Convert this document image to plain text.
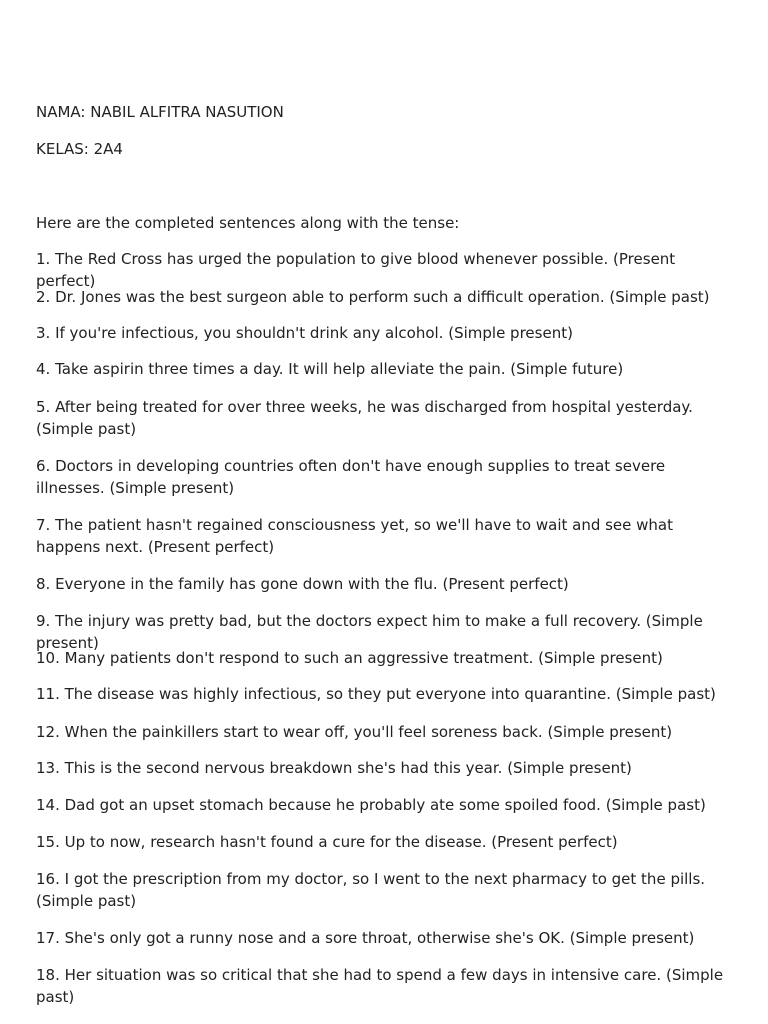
NAMA: NABIL ALFITRA NASUTION

KELAS: 2A4

Here are the completed sentences along with the tense:

1. The Red Cross has urged the population to give blood whenever possible. (Present perfect)

2. Dr. Jones was the best surgeon able to perform such a difficult operation. (Simple past)

3. If you're infectious, you shouldn't drink any alcohol. (Simple present)

4. Take aspirin three times a day. It will help alleviate the pain. (Simple future)

5. After being treated for over three weeks, he was discharged from hospital yesterday. (Simple past)

6. Doctors in developing countries often don't have enough supplies to treat severe illnesses. (Simple present)

7. The patient hasn't regained consciousness yet, so we'll have to wait and see what happens next. (Present perfect)

8. Everyone in the family has gone down with the flu. (Present perfect)

9. The injury was pretty bad, but the doctors expect him to make a full recovery. (Simple present)

10. Many patients don't respond to such an aggressive treatment. (Simple present)

11. The disease was highly infectious, so they put everyone into quarantine. (Simple past)

12. When the painkillers start to wear off, you'll feel soreness back. (Simple present)

13. This is the second nervous breakdown she's had this year. (Simple present)

14. Dad got an upset stomach because he probably ate some spoiled food. (Simple past)

15. Up to now, research hasn't found a cure for the disease. (Present perfect)

16. I got the prescription from my doctor, so I went to the next pharmacy to get the pills. (Simple past)

17. She's only got a runny nose and a sore throat, otherwise she's OK. (Simple present)

18. Her situation was so critical that she had to spend a few days in intensive care. (Simple past)
